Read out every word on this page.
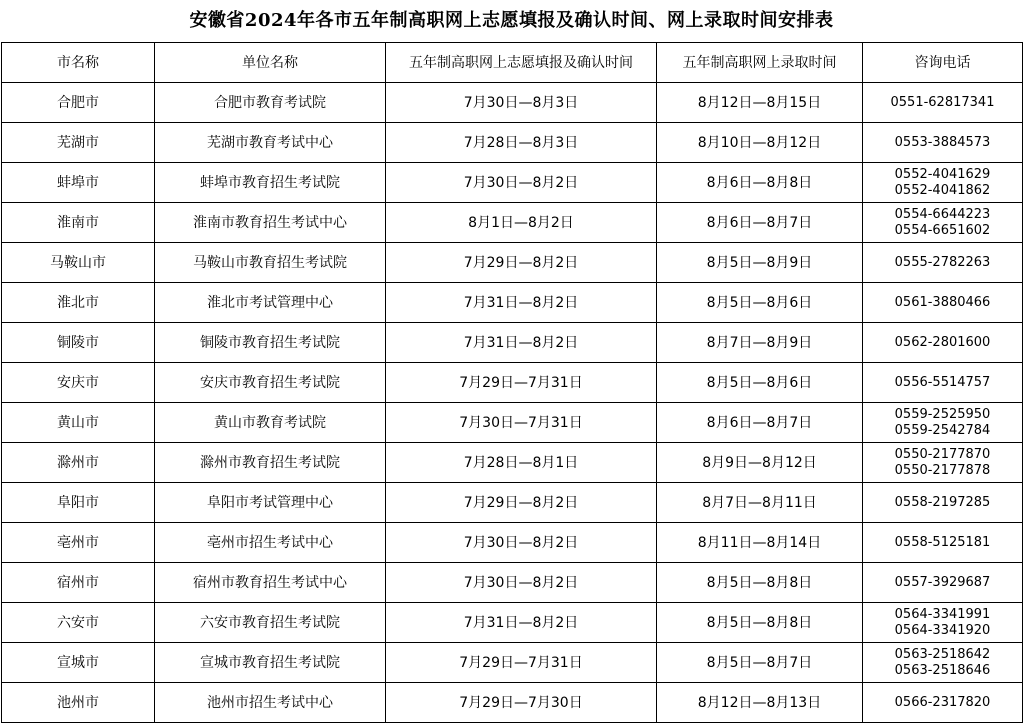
安徽省2024年各市五年制高职网上志愿填报及确认时间、网上录取时间安排表
市名称	单位名称	五年制高职网上志愿填报及确认时间	五年制高职网上录取时间	咨询电话
合肥市	合肥市教育考试院	7月30日—8月3日	8月12日—8月15日	0551-62817341

芜湖市	芜湖市教育考试中心	7月28日—8月3日	8月10日—8月12日	0553-3884573

蚌埠市	蚌埠市教育招生考试院	7月30日—8月2日	8月6日—8月8日	0552-4041629
0552-4041862

淮南市	淮南市教育招生考试中心	8月1日—8月2日	8月6日—8月7日	0554-6644223
0554-6651602

马鞍山市	马鞍山市教育招生考试院	7月29日—8月2日	8月5日—8月9日	0555-2782263

淮北市	淮北市考试管理中心	7月31日—8月2日	8月5日—8月6日	0561-3880466

铜陵市	铜陵市教育招生考试院	7月31日—8月2日	8月7日—8月9日	0562-2801600

安庆市	安庆市教育招生考试院	7月29日—7月31日	8月5日—8月6日	0556-5514757

黄山市	黄山市教育考试院	7月30日—7月31日	8月6日—8月7日	0559-2525950
0559-2542784

滁州市	滁州市教育招生考试院	7月28日—8月1日	8月9日—8月12日	0550-2177870
0550-2177878

阜阳市	阜阳市考试管理中心	7月29日—8月2日	8月7日—8月11日	0558-2197285

亳州市	亳州市招生考试中心	7月30日—8月2日	8月11日—8月14日	0558-5125181

宿州市	宿州市教育招生考试中心	7月30日—8月2日	8月5日—8月8日	0557-3929687

六安市	六安市教育招生考试院	7月31日—8月2日	8月5日—8月8日	0564-3341991
0564-3341920

宣城市	宣城市教育招生考试院	7月29日—7月31日	8月5日—8月7日	0563-2518642
0563-2518646

池州市	池州市招生考试中心	7月29日—7月30日	8月12日—8月13日	0566-2317820
